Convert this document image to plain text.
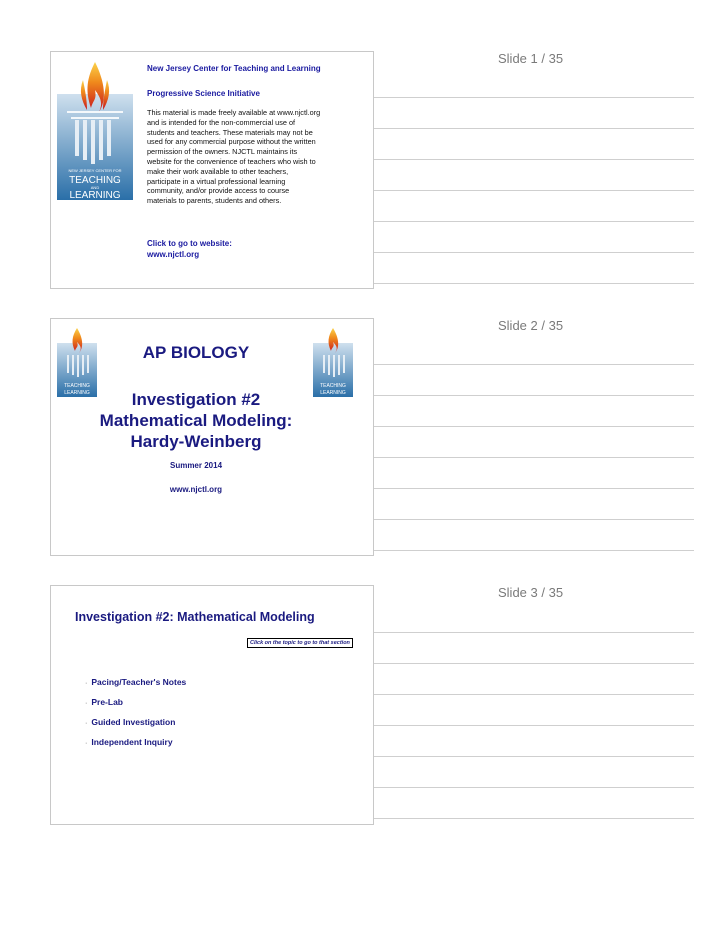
NEW JERSEY CENTER FOR
TEACHING
AND
LEARNING

New Jersey Center for Teaching and Learning

Progressive Science Initiative

This material is made freely available at www.njctl.org
and is intended for the non-commercial use of
students and teachers. These materials may not be
used for any commercial purpose without the written
permission of the owners. NJCTL maintains its
website for the convenience of teachers who wish to
make their work available to other teachers,
participate in a virtual professional learning
community, and/or provide access to course
materials to parents, students and others.

Click to go to website:
www.njctl.org
Slide 1 / 35
TEACHING
LEARNING
TEACHING
LEARNING
AP BIOLOGY
Investigation #2
Mathematical Modeling:
Hardy-Weinberg
Summer 2014
www.njctl.org
Slide 2 / 35
Investigation #2: Mathematical Modeling
Click on the topic to go to that section
· Pacing/Teacher's Notes
· Pre-Lab
· Guided Investigation
· Independent Inquiry
Slide 3 / 35
